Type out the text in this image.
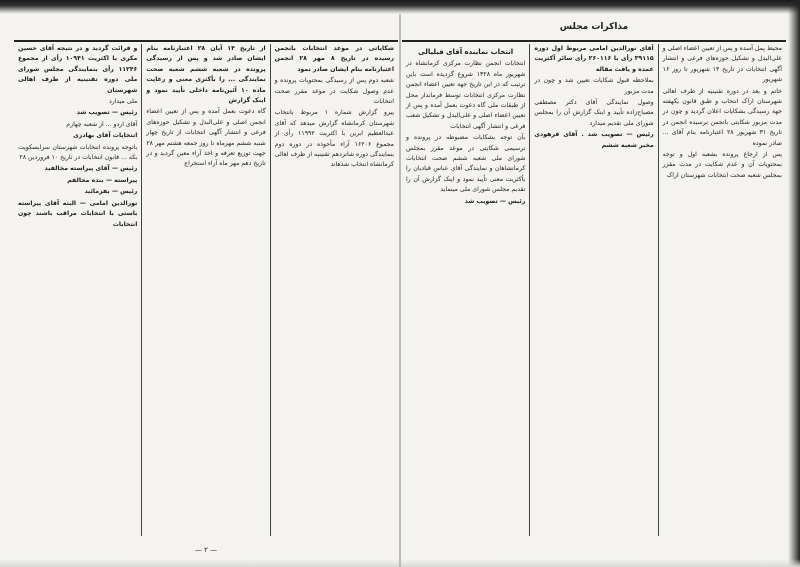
مذاکرات مجلس

محیط پمل آسده و پس از تعیین اعضاء اصلی و علی‌البدل و تشکیل حوزه‌های فرعی و انتشار آگهی انتخابات در تاریخ ۱۴ شهریور تا روز ۱۶ شهریور

خاتم و بعد در دوره تقنینیه از طرف اهالی شهرستان اراک انتخاب و طبق قانون یکهفته جهة رسیدگی بشکایات اعلان گردید و چون در مدت مزبور شکایتی بانجمن نرسیده انجمن در تاریخ ۳۱ شهریور ۲۸ اعتبارنامه بنام آقای ... صادر نموده

پس از ارجاع پرونده بشعبه اول و توجه بمحتویات آن و عدم شکایت در مدت مقرر بمجلس شعبه صحت انتخابات شهرستان اراک

آقای نورالدین امامی مربوط اول دوره ۳۹۱۱۵ رأی با ۲۶۰۱۱۶ رأی سائر آکثریت عمده و یافت مقاله

بملاحظه قبول شکایات تعیین شد و چون در مدت مزبور

وصول نمایندگی آقای دکتر مصطفی مصباح‌زاده تأیید و اینک گزارش آن را بمجلس شورای ملی تقدیم میدارد

رئیس — تصویب شد . آقای فرهودی مخبر شعبه ششم

انتخاب نماینده آقای فیلیالی

انتخابات انجمن نظارت مرکزی کرمانشاه در شهریور ماه ۱۳۲۸ شروع گردیده است باین ترتیب که در این تاریخ جهة تعیین اعضاء انجمن نظارت مرکزی انتخابات توسط فرماندار محل از طبقات ملی گاه دعوت بعمل آمده و پس از تعیین اعضاء اصلی و علی‌البدل و تشکیل شعب فرعی و انتشار آگهی انتخابات

بآن توجه بشکایات مضبوطه در پرونده و ترسیمی شکایتی در موعد مقرر بمجلس شورای ملی شعبه ششم صحت انتخابات کرمانشاهان و نمایندگی آقای عباس قبادیان را بأکثریت معنی تأیید نمود و اینک گزارش آن را تقدیم مجلس شورای ملی مینماید

رئیس — تصویب شد

شکایاتی در موعد انتخابات بانجمن رسیده در تاریخ ۸ مهر ۲۸ انجمن اعتبارنامه بنام ایشان صادر نمود

شعبه دوم پس از رسیدگی بمحتویات پرونده و عدم وصول شکایت در موعد مقرر صحت انتخابات

پیرو گزارش شماره ۱ مربوط بانتخاب شهرستان کرمانشاه گزارش میدهد که آقای عبدالعظیم ابرین با اکثریت ۱۱۹۹۲ رأی از مجموع ۱۶۲۰۶ آراء مأخوذه در دوره دوم بنمایندگی دوره شانزدهم تقنینیه از طرف اهالی کرمانشاه انتخاب شدهاند

از تاریخ ۱۴ آبان ۲۸ اعتبارنامه بنام ایشان صادر شد و پس از رسیدگی پرونده در شعبه ششم شعبه صحت نمایندگی ... را بأکثری معنی و رعایت ماده ۱۰ آئین‌نامه داخلی تأیید نمود و اینک گزارش

گاه دعوت بعمل آمده و پس از تعیین اعضاء انجمن اصلی و علی‌البدل و تشکیل حوزه‌های فرعی و انتشار آگهی انتخابات از تاریخ چهار شنبه ششم مهرماه تا روز جمعه هشتم مهر ۲۸ جهت توزیع تعرفه و اخذ آراء معین گردید و در تاریخ دهم مهر ماه آراء استخراج

و قرائت گردید و در نتیجه آقای حسین مکری با اکثریت ۱۰۹۴۱ رأی از مجموع ۱۱۲۴۶ رأی بنمایندگی مجلس شورای ملی دوره تقنینیه از طرف اهالی شهرستان

ملی میدارد

رئیس — تصویب شد

آقای اردو ... از شعبه چهارم

انتخابات آقای بهادری

باتوجه پرونده انتخابات شهرستان سرابسکوپت بکه ... قانون انتخابات در تاریخ ۱۰ فروردین ۲۸

رئیس — آقای پیراسته مخالفید

پیراسته — بنده مخالفم

رئیس — بفرمائید

نورالدین امامی — البته آقای پیراسته باستی با انتخابات مراقب باشند چون انتخابات

— ۲ —
